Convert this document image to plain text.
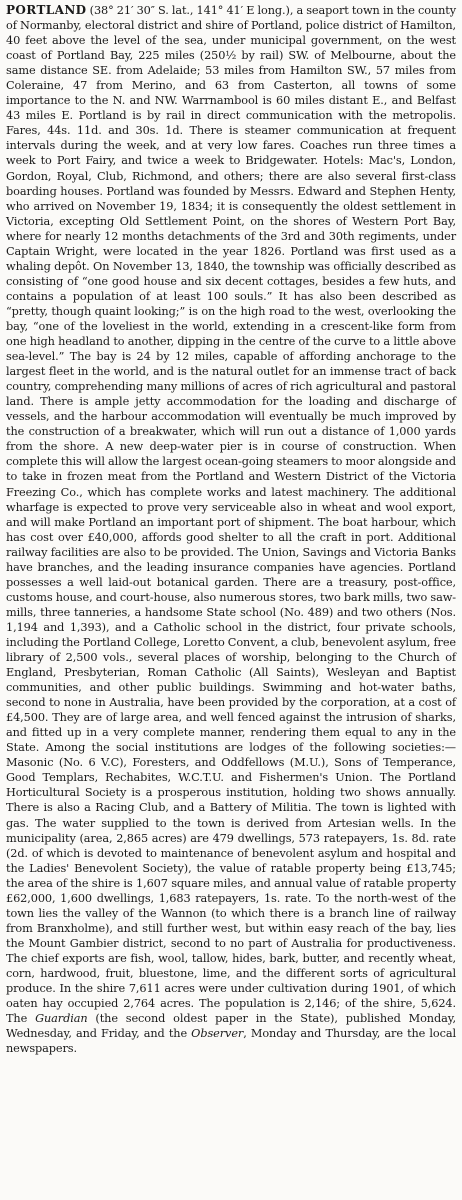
PORTLAND (38° 21′ 30″ S. lat., 141° 41′ E long.), a seaport town in the county of Normanby, electoral district and shire of Portland, police district of Hamilton, 40 feet above the level of the sea, under municipal government, on the west coast of Portland Bay, 225 miles (250½ by rail) SW. of Melbourne, about the same distance SE. from Adelaide; 53 miles from Hamilton SW., 57 miles from Coleraine, 47 from Merino, and 63 from Casterton, all towns of some importance to the N. and NW. Warrnambool is 60 miles distant E., and Belfast 43 miles E. Portland is by rail in direct communication with the metropolis. Fares, 44s. 11d. and 30s. 1d. There is steamer communication at frequent intervals during the week, and at very low fares. Coaches run three times a week to Port Fairy, and twice a week to Bridgewater. Hotels: Mac's, London, Gordon, Royal, Club, Richmond, and others; there are also several first-class boarding houses. Portland was founded by Messrs. Edward and Stephen Henty, who arrived on November 19, 1834; it is consequently the oldest settlement in Victoria, excepting Old Settlement Point, on the shores of Western Port Bay, where for nearly 12 months detachments of the 3rd and 30th regiments, under Captain Wright, were located in the year 1826. Portland was first used as a whaling depôt. On November 13, 1840, the township was officially described as consisting of “one good house and six decent cottages, besides a few huts, and contains a population of at least 100 souls.” It has also been described as “pretty, though quaint looking;” is on the high road to the west, overlooking the bay, “one of the loveliest in the world, extending in a crescent-like form from one high headland to another, dipping in the centre of the curve to a little above sea-level.” The bay is 24 by 12 miles, capable of affording anchorage to the largest fleet in the world, and is the natural outlet for an immense tract of back country, comprehending many millions of acres of rich agricultural and pastoral land. There is ample jetty accommodation for the loading and discharge of vessels, and the harbour accommodation will eventually be much improved by the construction of a breakwater, which will run out a distance of 1,000 yards from the shore. A new deep-water pier is in course of construction. When complete this will allow the largest ocean-going steamers to moor alongside and to take in frozen meat from the Portland and Western District of the Victoria Freezing Co., which has complete works and latest machinery. The additional wharfage is expected to prove very serviceable also in wheat and wool export, and will make Portland an important port of shipment. The boat harbour, which has cost over £40,000, affords good shelter to all the craft in port. Additional railway facilities are also to be provided. The Union, Savings and Victoria Banks have branches, and the leading insurance companies have agencies. Portland possesses a well laid-out botanical garden. There are a treasury, post-office, customs house, and court-house, also numerous stores, two bark mills, two saw-mills, three tanneries, a handsome State school (No. 489) and two others (Nos. 1,194 and 1,393), and a Catholic school in the district, four private schools, including the Portland College, Loretto Convent, a club, benevolent asylum, free library of 2,500 vols., several places of worship, belonging to the Church of England, Presbyterian, Roman Catholic (All Saints), Wesleyan and Baptist communities, and other public buildings. Swimming and hot-water baths, second to none in Australia, have been provided by the corporation, at a cost of £4,500. They are of large area, and well fenced against the intrusion of sharks, and fitted up in a very complete manner, rendering them equal to any in the State. Among the social institutions are lodges of the following societies:—Masonic (No. 6 V.C), Foresters, and Oddfellows (M.U.), Sons of Temperance, Good Templars, Rechabites, W.C.T.U. and Fishermen's Union. The Portland Horticultural Society is a prosperous institution, holding two shows annually. There is also a Racing Club, and a Battery of Militia. The town is lighted with gas. The water supplied to the town is derived from Artesian wells. In the municipality (area, 2,865 acres) are 479 dwellings, 573 ratepayers, 1s. 8d. rate (2d. of which is devoted to maintenance of benevolent asylum and hospital and the Ladies' Benevolent Society), the value of ratable property being £13,745; the area of the shire is 1,607 square miles, and annual value of ratable property £62,000, 1,600 dwellings, 1,683 ratepayers, 1s. rate. To the north-west of the town lies the valley of the Wannon (to which there is a branch line of railway from Branxholme), and still further west, but within easy reach of the bay, lies the Mount Gambier district, second to no part of Australia for productiveness. The chief exports are fish, wool, tallow, hides, bark, butter, and recently wheat, corn, hardwood, fruit, bluestone, lime, and the different sorts of agricultural produce. In the shire 7,611 acres were under cultivation during 1901, of which oaten hay occupied 2,764 acres. The population is 2,146; of the shire, 5,624. The Guardian (the second oldest paper in the State), published Monday, Wednesday, and Friday, and the Observer, Monday and Thursday, are the local newspapers.
